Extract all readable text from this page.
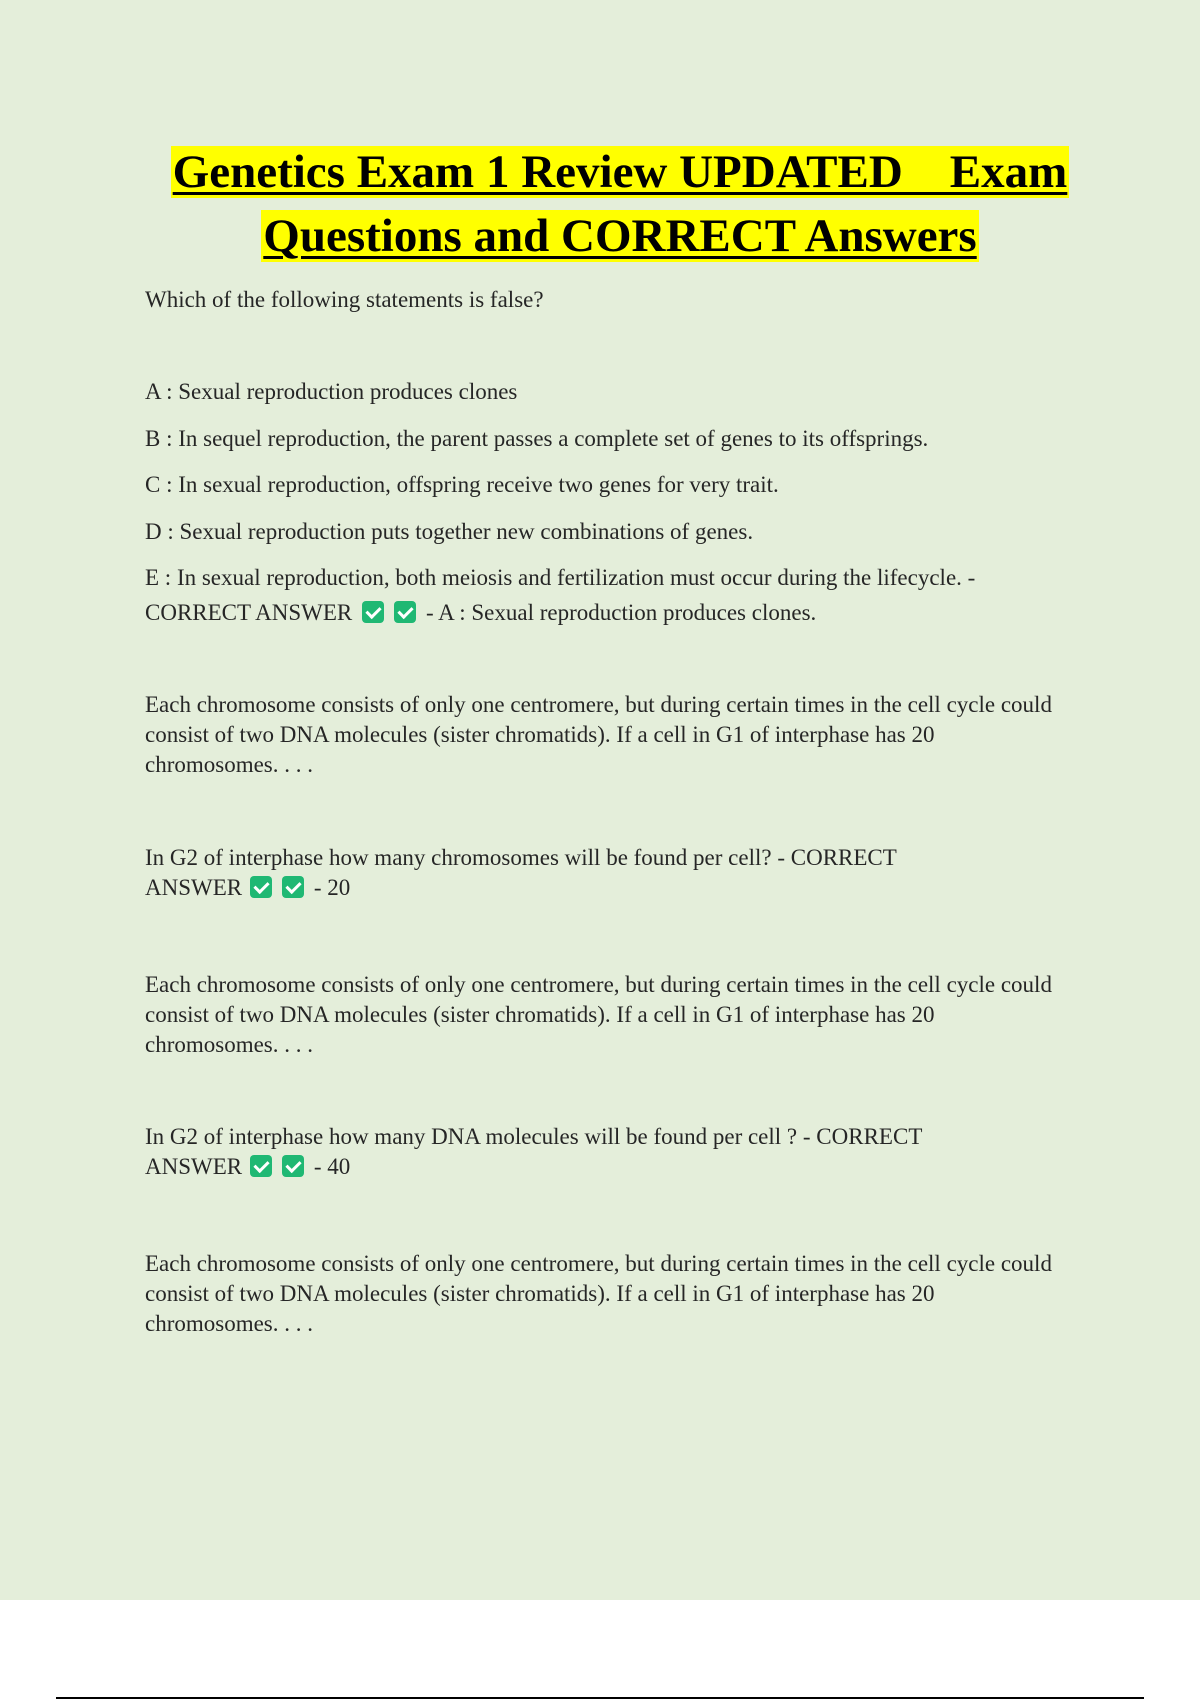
Genetics Exam 1 Review UPDATED    Exam
Questions and CORRECT Answers

Which of the following statements is false?

A : Sexual reproduction produces clones

B : In sequel reproduction, the parent passes a complete set of genes to its offsprings.

C : In sexual reproduction, offspring receive two genes for very trait.

D : Sexual reproduction puts together new combinations of genes.

E : In sexual reproduction, both meiosis and fertilization must occur during the lifecycle. -

CORRECT ANSWER	- A : Sexual reproduction produces clones.

Each chromosome consists of only one centromere, but during certain times in the cell cycle could consist of two DNA molecules (sister chromatids). If a cell in G1 of interphase has 20 chromosomes. . . .

In G2 of interphase how many chromosomes will be found per cell? - CORRECT
ANSWER	- 20

Each chromosome consists of only one centromere, but during certain times in the cell cycle could consist of two DNA molecules (sister chromatids). If a cell in G1 of interphase has 20 chromosomes. . . .

In G2 of interphase how many DNA molecules will be found per cell ? - CORRECT
ANSWER	- 40

Each chromosome consists of only one centromere, but during certain times in the cell cycle could consist of two DNA molecules (sister chromatids). If a cell in G1 of interphase has 20 chromosomes. . . .
